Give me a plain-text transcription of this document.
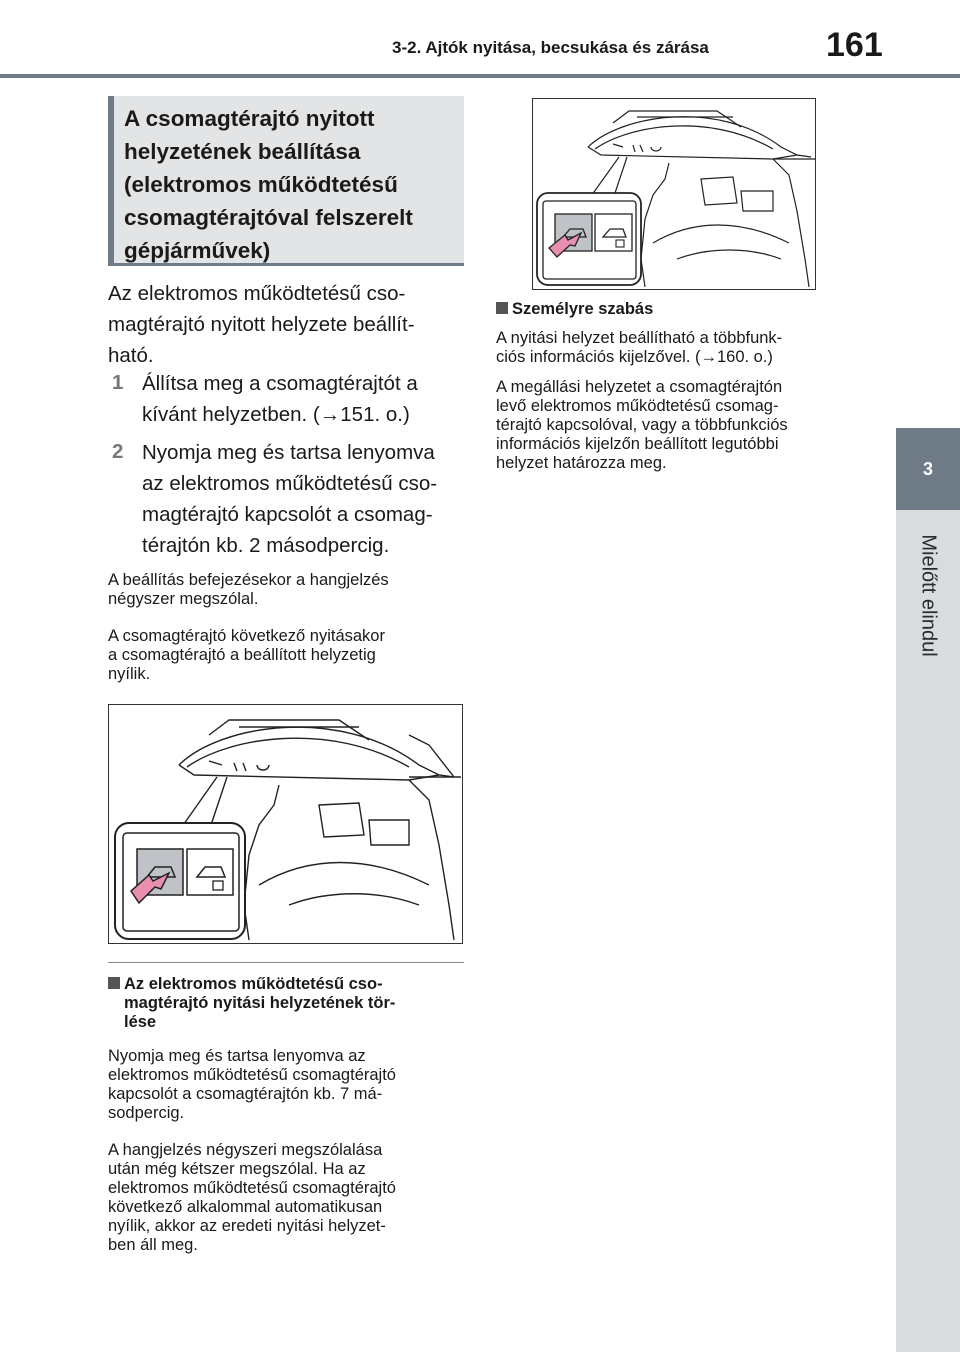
3-2. Ajtók nyitása, becsukása és zárása	161
3
Mielőtt elindul
A csomagtérajtó nyitott
helyzetének beállítása
(elektromos működtetésű
csomagtérajtóval felszerelt
gépjárművek)
Az elektromos működtetésű cso-
magtérajtó nyitott helyzete beállít-
ható.
1 Állítsa meg a csomagtérajtót a
kívánt helyzetben. (→151. o.)
2 Nyomja meg és tartsa lenyomva
az elektromos működtetésű cso-
magtérajtó kapcsolót a csomag-
térajtón kb. 2 másodpercig.
A beállítás befejezésekor a hangjelzés
négyszer megszólal.
A csomagtérajtó következő nyitásakor
a csomagtérajtó a beállított helyzetig
nyílik.
Az elektromos működtetésű cso-
magtérajtó nyitási helyzetének tör-
lése
Nyomja meg és tartsa lenyomva az
elektromos működtetésű csomagtérajtó
kapcsolót a csomagtérajtón kb. 7 má-
sodpercig.
A hangjelzés négyszeri megszólalása
után még kétszer megszólal. Ha az
elektromos működtetésű csomagtérajtó
következő alkalommal automatikusan
nyílik, akkor az eredeti nyitási helyzet-
ben áll meg.
Személyre szabás
A nyitási helyzet beállítható a többfunk-
ciós információs kijelzővel. (→160. o.)
A megállási helyzetet a csomagtérajtón
levő elektromos működtetésű csomag-
térajtó kapcsolóval, vagy a többfunkciós
információs kijelzőn beállított legutóbbi
helyzet határozza meg.
